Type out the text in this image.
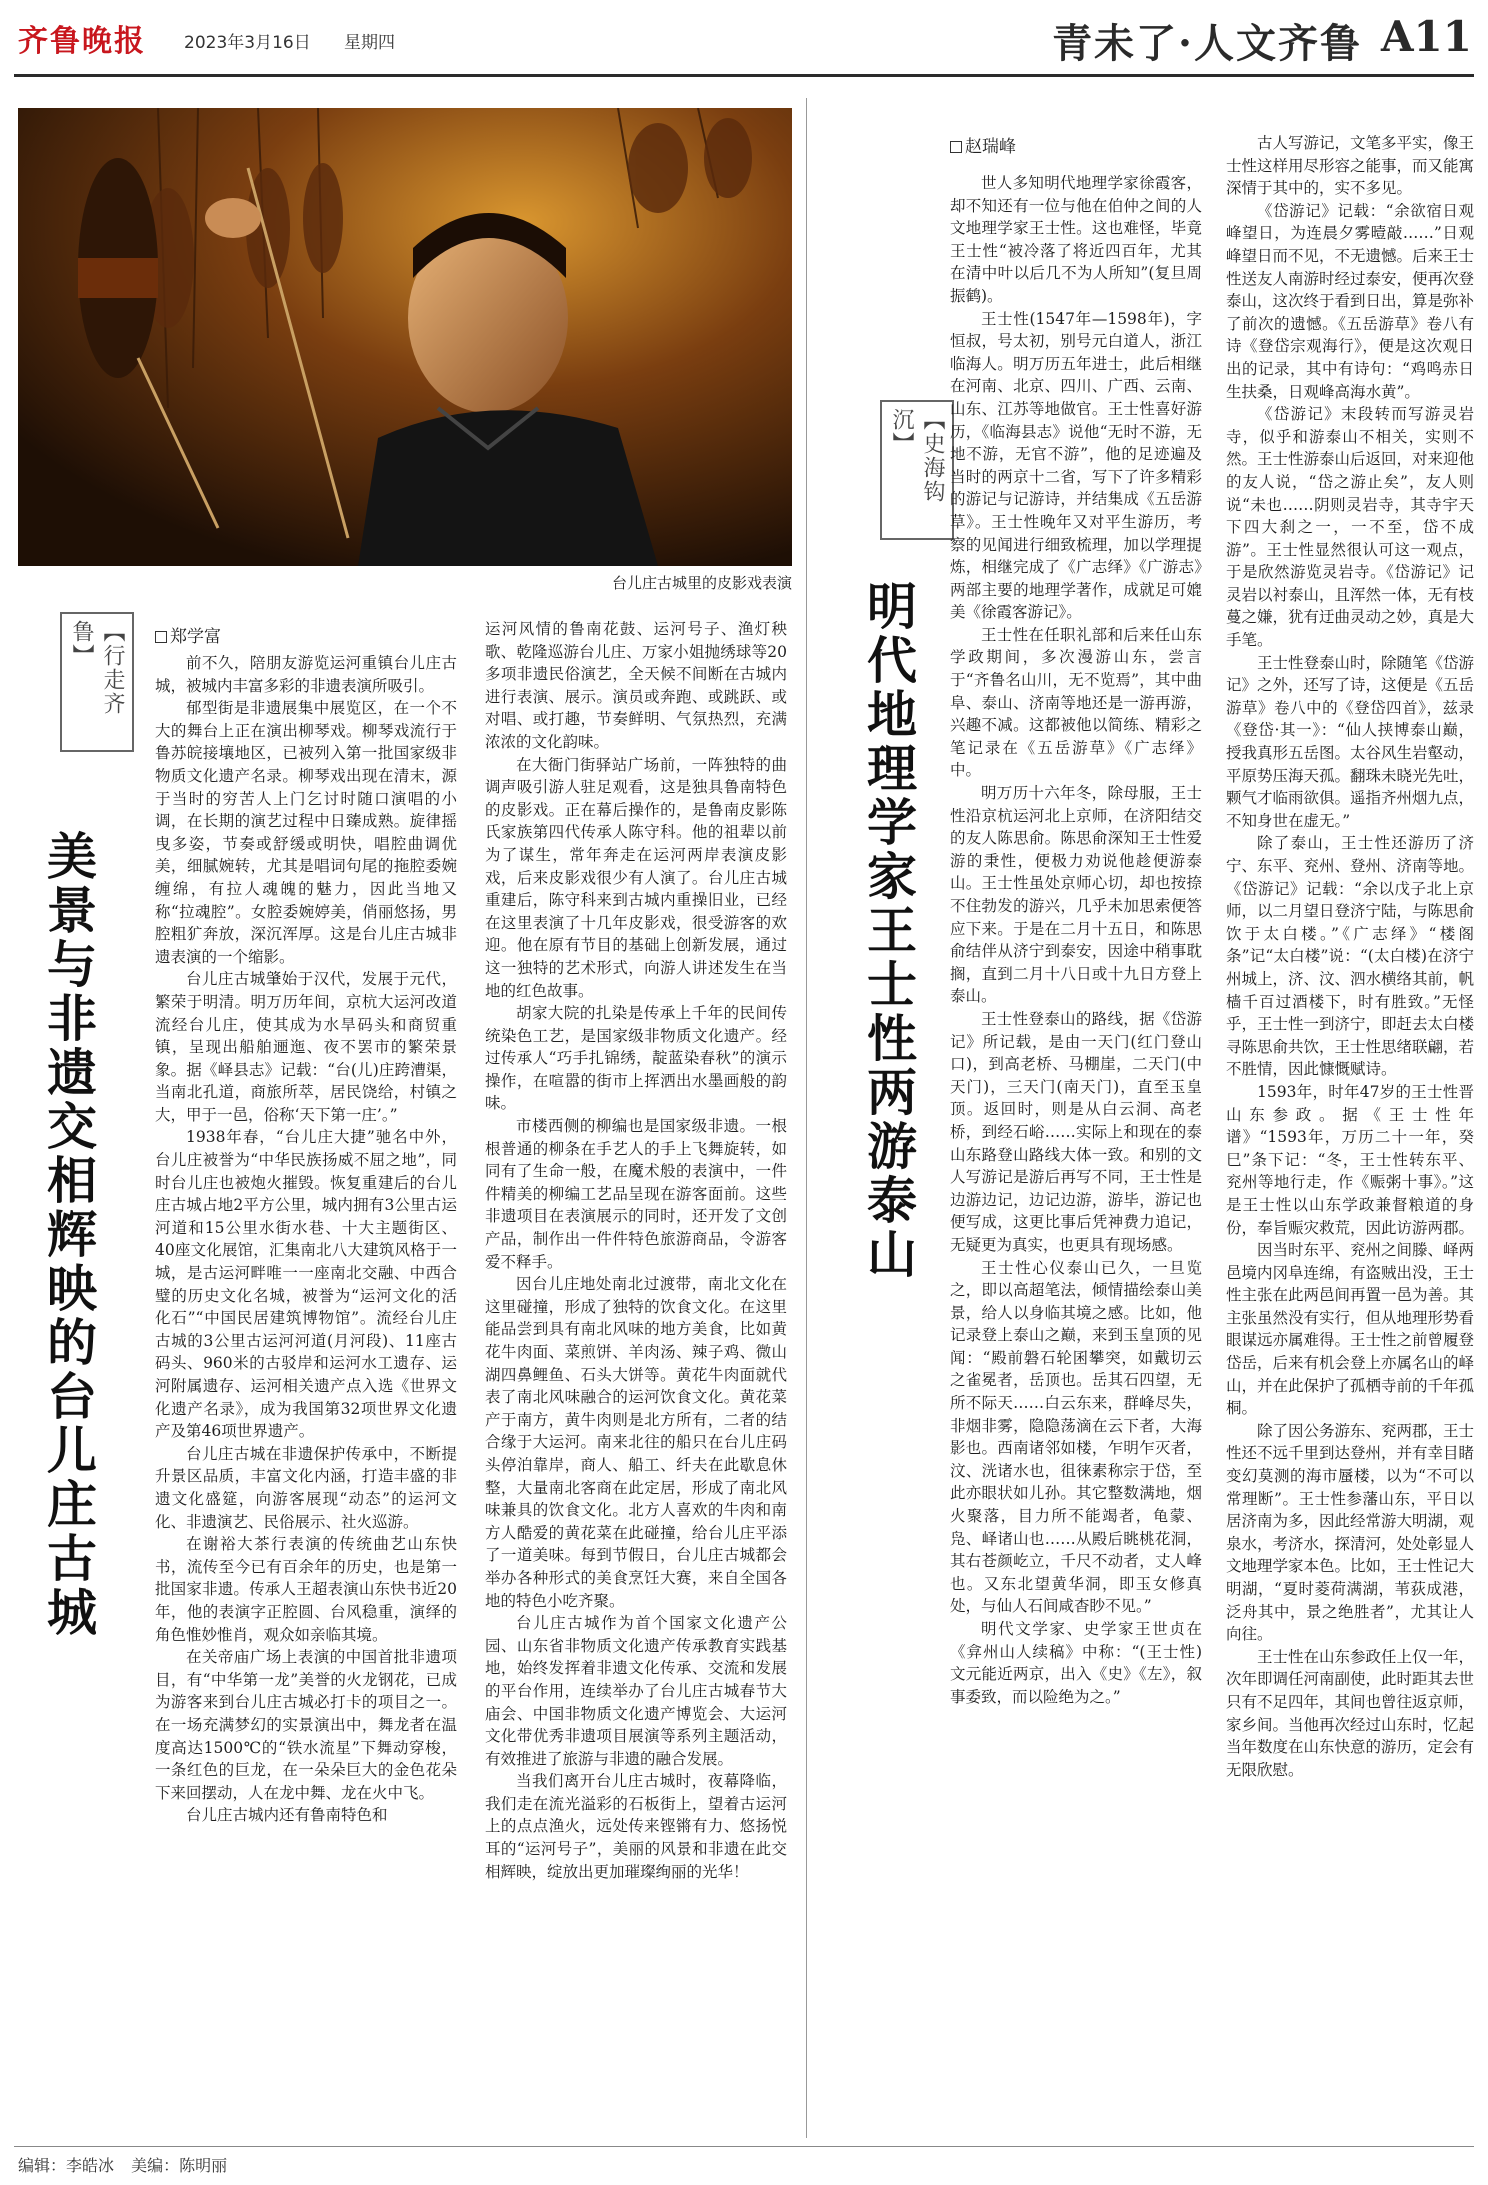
齐鲁晚报 2023年3月16日 星期四	青未了·人文齐鲁 A11
台儿庄古城里的皮影戏表演
【行走齐鲁】
美景与非遗交相辉映的台儿庄古城
郑学富

前不久，陪朋友游览运河重镇台儿庄古城，被城内丰富多彩的非遗表演所吸引。

郁型街是非遗展集中展览区，在一个不大的舞台上正在演出柳琴戏。柳琴戏流行于鲁苏皖接壤地区，已被列入第一批国家级非物质文化遗产名录。柳琴戏出现在清末，源于当时的穷苦人上门乞讨时随口演唱的小调，在长期的演艺过程中日臻成熟。旋律摇曳多姿，节奏或舒缓或明快，唱腔曲调优美，细腻婉转，尤其是唱词句尾的拖腔委婉缠绵，有拉人魂魄的魅力，因此当地又称“拉魂腔”。女腔委婉婷美，俏丽悠扬，男腔粗犷奔放，深沉浑厚。这是台儿庄古城非遗表演的一个缩影。

台儿庄古城肇始于汉代，发展于元代，繁荣于明清。明万历年间，京杭大运河改道流经台儿庄，使其成为水旱码头和商贸重镇，呈现出船舶逦迤、夜不罢市的繁荣景象。据《峄县志》记载：“台(儿)庄跨漕渠，当南北孔道，商旅所萃，居民饶给，村镇之大，甲于一邑，俗称‘天下第一庄’。”

1938年春，“台儿庄大捷”驰名中外，台儿庄被誉为“中华民族扬威不屈之地”，同时台儿庄也被炮火摧毁。恢复重建后的台儿庄古城占地2平方公里，城内拥有3公里古运河道和15公里水街水巷、十大主题街区、40座文化展馆，汇集南北八大建筑风格于一城，是古运河畔唯一一座南北交融、中西合璧的历史文化名城，被誉为“运河文化的活化石”“中国民居建筑博物馆”。流经台儿庄古城的3公里古运河河道(月河段)、11座古码头、960米的古驳岸和运河水工遗存、运河附属遗存、运河相关遗产点入选《世界文化遗产名录》，成为我国第32项世界文化遗产及第46项世界遗产。

台儿庄古城在非遗保护传承中，不断提升景区品质，丰富文化内涵，打造丰盛的非遗文化盛筵，向游客展现“动态”的运河文化、非遗演艺、民俗展示、社火巡游。

在谢裕大茶行表演的传统曲艺山东快书，流传至今已有百余年的历史，也是第一批国家非遗。传承人王超表演山东快书近20年，他的表演字正腔圆、台风稳重，演绎的角色惟妙惟肖，观众如亲临其境。

在关帝庙广场上表演的中国首批非遗项目，有“中华第一龙”美誉的火龙钢花，已成为游客来到台儿庄古城必打卡的项目之一。在一场充满梦幻的实景演出中，舞龙者在温度高达1500℃的“铁水流星”下舞动穿梭，一条红色的巨龙，在一朵朵巨大的金色花朵下来回摆动，人在龙中舞、龙在火中飞。

台儿庄古城内还有鲁南特色和

运河风情的鲁南花鼓、运河号子、渔灯秧歌、乾隆巡游台儿庄、万家小姐抛绣球等20多项非遗民俗演艺，全天候不间断在古城内进行表演、展示。演员或奔跑、或跳跃、或对唱、或打趣，节奏鲜明、气氛热烈，充满浓浓的文化韵味。

在大衙门街驿站广场前，一阵独特的曲调声吸引游人驻足观看，这是独具鲁南特色的皮影戏。正在幕后操作的，是鲁南皮影陈氏家族第四代传承人陈守科。他的祖辈以前为了谋生，常年奔走在运河两岸表演皮影戏，后来皮影戏很少有人演了。台儿庄古城重建后，陈守科来到古城内重操旧业，已经在这里表演了十几年皮影戏，很受游客的欢迎。他在原有节目的基础上创新发展，通过这一独特的艺术形式，向游人讲述发生在当地的红色故事。

胡家大院的扎染是传承上千年的民间传统染色工艺，是国家级非物质文化遗产。经过传承人“巧手扎锦绣，靛蓝染春秋”的演示操作，在喧嚣的街市上挥洒出水墨画般的韵味。

市楼西侧的柳编也是国家级非遗。一根根普通的柳条在手艺人的手上飞舞旋转，如同有了生命一般，在魔术般的表演中，一件件精美的柳编工艺品呈现在游客面前。这些非遗项目在表演展示的同时，还开发了文创产品，制作出一件件特色旅游商品，令游客爱不释手。

因台儿庄地处南北过渡带，南北文化在这里碰撞，形成了独特的饮食文化。在这里能品尝到具有南北风味的地方美食，比如黄花牛肉面、菜煎饼、羊肉汤、辣子鸡、微山湖四鼻鲤鱼、石头大饼等。黄花牛肉面就代表了南北风味融合的运河饮食文化。黄花菜产于南方，黄牛肉则是北方所有，二者的结合缘于大运河。南来北往的船只在台儿庄码头停泊靠岸，商人、船工、纤夫在此歇息休整，大量南北客商在此定居，形成了南北风味兼具的饮食文化。北方人喜欢的牛肉和南方人酷爱的黄花菜在此碰撞，给台儿庄平添了一道美味。每到节假日，台儿庄古城都会举办各种形式的美食烹饪大赛，来自全国各地的特色小吃齐聚。

台儿庄古城作为首个国家文化遗产公园、山东省非物质文化遗产传承教育实践基地，始终发挥着非遗文化传承、交流和发展的平台作用，连续举办了台儿庄古城春节大庙会、中国非物质文化遗产博览会、大运河文化带优秀非遗项目展演等系列主题活动，有效推进了旅游与非遗的融合发展。

当我们离开台儿庄古城时，夜幕降临，我们走在流光溢彩的石板街上，望着古运河上的点点渔火，远处传来铿锵有力、悠扬悦耳的“运河号子”，美丽的风景和非遗在此交相辉映，绽放出更加璀璨绚丽的光华！

【史海钩沉】
明代地理学家王士性两游泰山
赵瑞峰

世人多知明代地理学家徐霞客，却不知还有一位与他在伯仲之间的人文地理学家王士性。这也难怪，毕竟王士性“被冷落了将近四百年，尤其在清中叶以后几不为人所知”(复旦周振鹤)。

王士性(1547年—1598年)，字恒叔，号太初，别号元白道人，浙江临海人。明万历五年进士，此后相继在河南、北京、四川、广西、云南、山东、江苏等地做官。王士性喜好游历，《临海县志》说他“无时不游，无地不游，无官不游”，他的足迹遍及当时的两京十二省，写下了许多精彩的游记与记游诗，并结集成《五岳游草》。王士性晚年又对平生游历，考察的见闻进行细致梳理，加以学理提炼，相继完成了《广志绎》《广游志》两部主要的地理学著作，成就足可媲美《徐霞客游记》。

王士性在任职礼部和后来任山东学政期间，多次漫游山东，尝言于“齐鲁名山川，无不览焉”，其中曲阜、泰山、济南等地还是一游再游，兴趣不减。这都被他以简练、精彩之笔记录在《五岳游草》《广志绎》中。

明万历十六年冬，除母服，王士性沿京杭运河北上京师，在济阳结交的友人陈思俞。陈思俞深知王士性爱游的秉性，便极力劝说他趁便游泰山。王士性虽处京师心切，却也按捺不住勃发的游兴，几乎未加思索便答应下来。于是在二月十五日，和陈思俞结伴从济宁到泰安，因途中稍事耽搁，直到二月十八日或十九日方登上泰山。

王士性登泰山的路线，据《岱游记》所记载，是由一天门(红门登山口)，到高老桥、马棚崖，二天门(中天门)，三天门(南天门)，直至玉皇顶。返回时，则是从白云洞、高老桥，到经石峪……实际上和现在的泰山东路登山路线大体一致。和别的文人写游记是游后再写不同，王士性是边游边记，边记边游，游毕，游记也便写成，这更比事后凭神费力追记，无疑更为真实，也更具有现场感。

王士性心仪泰山已久，一旦览之，即以高超笔法，倾情描绘泰山美景，给人以身临其境之感。比如，他记录登上泰山之巅，来到玉皇顶的见闻：“殿前磐石轮囷攀突，如戴切云之雀冕者，岳顶也。岳其石四望，无所不际天……白云东来，群峰尽失，非烟非雾，隐隐荡滴在云下者，大海影也。西南诸邻如楼，乍明乍灭者，汶、洸诸水也，徂徕素称宗于岱，至此亦眼状如儿孙。其它整数满地，烟火聚落，目力所不能竭者，龟蒙、凫、峄诸山也……从殿后眺桃花洞，其右苍颜屹立，千尺不动者，丈人峰也。又东北望黄华洞，即玉女修真处，与仙人石间咸杳眇不见。”

明代文学家、史学家王世贞在《弇州山人续稿》中称：“(王士性)文元能近两京，出入《史》《左》，叙事委致，而以险绝为之。”

古人写游记，文笔多平实，像王士性这样用尽形容之能事，而又能寓深情于其中的，实不多见。

《岱游记》记载：“余欲宿日观峰望日，为连晨夕雾曀敲……”日观峰望日而不见，不无遗憾。后来王士性送友人南游时经过泰安，便再次登泰山，这次终于看到日出，算是弥补了前次的遗憾。《五岳游草》卷八有诗《登岱宗观海行》，便是这次观日出的记录，其中有诗句：“鸡鸣赤日生扶桑，日观峰高海水黄”。

《岱游记》末段转而写游灵岩寺，似乎和游泰山不相关，实则不然。王士性游泰山后返回，对来迎他的友人说，“岱之游止矣”，友人则说“未也……阴则灵岩寺，其寺宇天下四大刹之一，一不至，岱不成游”。王士性显然很认可这一观点，于是欣然游览灵岩寺。《岱游记》记灵岩以衬泰山，且浑然一体，无有枝蔓之嫌，犹有迂曲灵动之妙，真是大手笔。

王士性登泰山时，除随笔《岱游记》之外，还写了诗，这便是《五岳游草》卷八中的《登岱四首》，兹录《登岱·其一》：“仙人挟博泰山巅，授我真形五岳图。太谷风生岩壑动，平原势压海天孤。翻珠未晓光先吐，颗气才临雨欲俱。遥指齐州烟九点，不知身世在虚无。”

除了泰山，王士性还游历了济宁、东平、兖州、登州、济南等地。《岱游记》记载：“余以戊子北上京师，以二月望日登济宁陆，与陈思俞饮于太白楼。”《广志绎》“楼阁条”记“太白楼”说：“(太白楼)在济宁州城上，济、汶、泗水横络其前，帆樯千百过酒楼下，时有胜致。”无怪乎，王士性一到济宁，即赶去太白楼寻陈思俞共饮，王士性思绪联翩，若不胜情，因此慷慨赋诗。

1593年，时年47岁的王士性晋山东参政。据《王士性年谱》“1593年，万历二十一年，癸巳”条下记：“冬，王士性转东平、兖州等地行走，作《赈粥十事》。”这是王士性以山东学政兼督粮道的身份，奉旨赈灾救荒，因此访游两郡。

因当时东平、兖州之间滕、峄两邑境内冈阜连绵，有盗贼出没，王士性主张在此两邑间再置一邑为善。其主张虽然没有实行，但从地理形势看眼谋远亦属难得。王士性之前曾履登岱岳，后来有机会登上亦属名山的峄山，并在此保护了孤栖寺前的千年孤桐。

除了因公务游东、兖两郡，王士性还不远千里到达登州，并有幸目睹变幻莫测的海市蜃楼，以为“不可以常理断”。王士性参藩山东，平日以居济南为多，因此经常游大明湖，观泉水，考济水，探清河，处处彰显人文地理学家本色。比如，王士性记大明湖，“夏时菱荷满湖，苇荻成港，泛舟其中，景之绝胜者”，尤其让人向往。

王士性在山东参政任上仅一年，次年即调任河南副使，此时距其去世只有不足四年，其间也曾往返京师，家乡间。当他再次经过山东时，忆起当年数度在山东快意的游历，定会有无限欣慰。

编辑：李皓冰 美编：陈明丽
